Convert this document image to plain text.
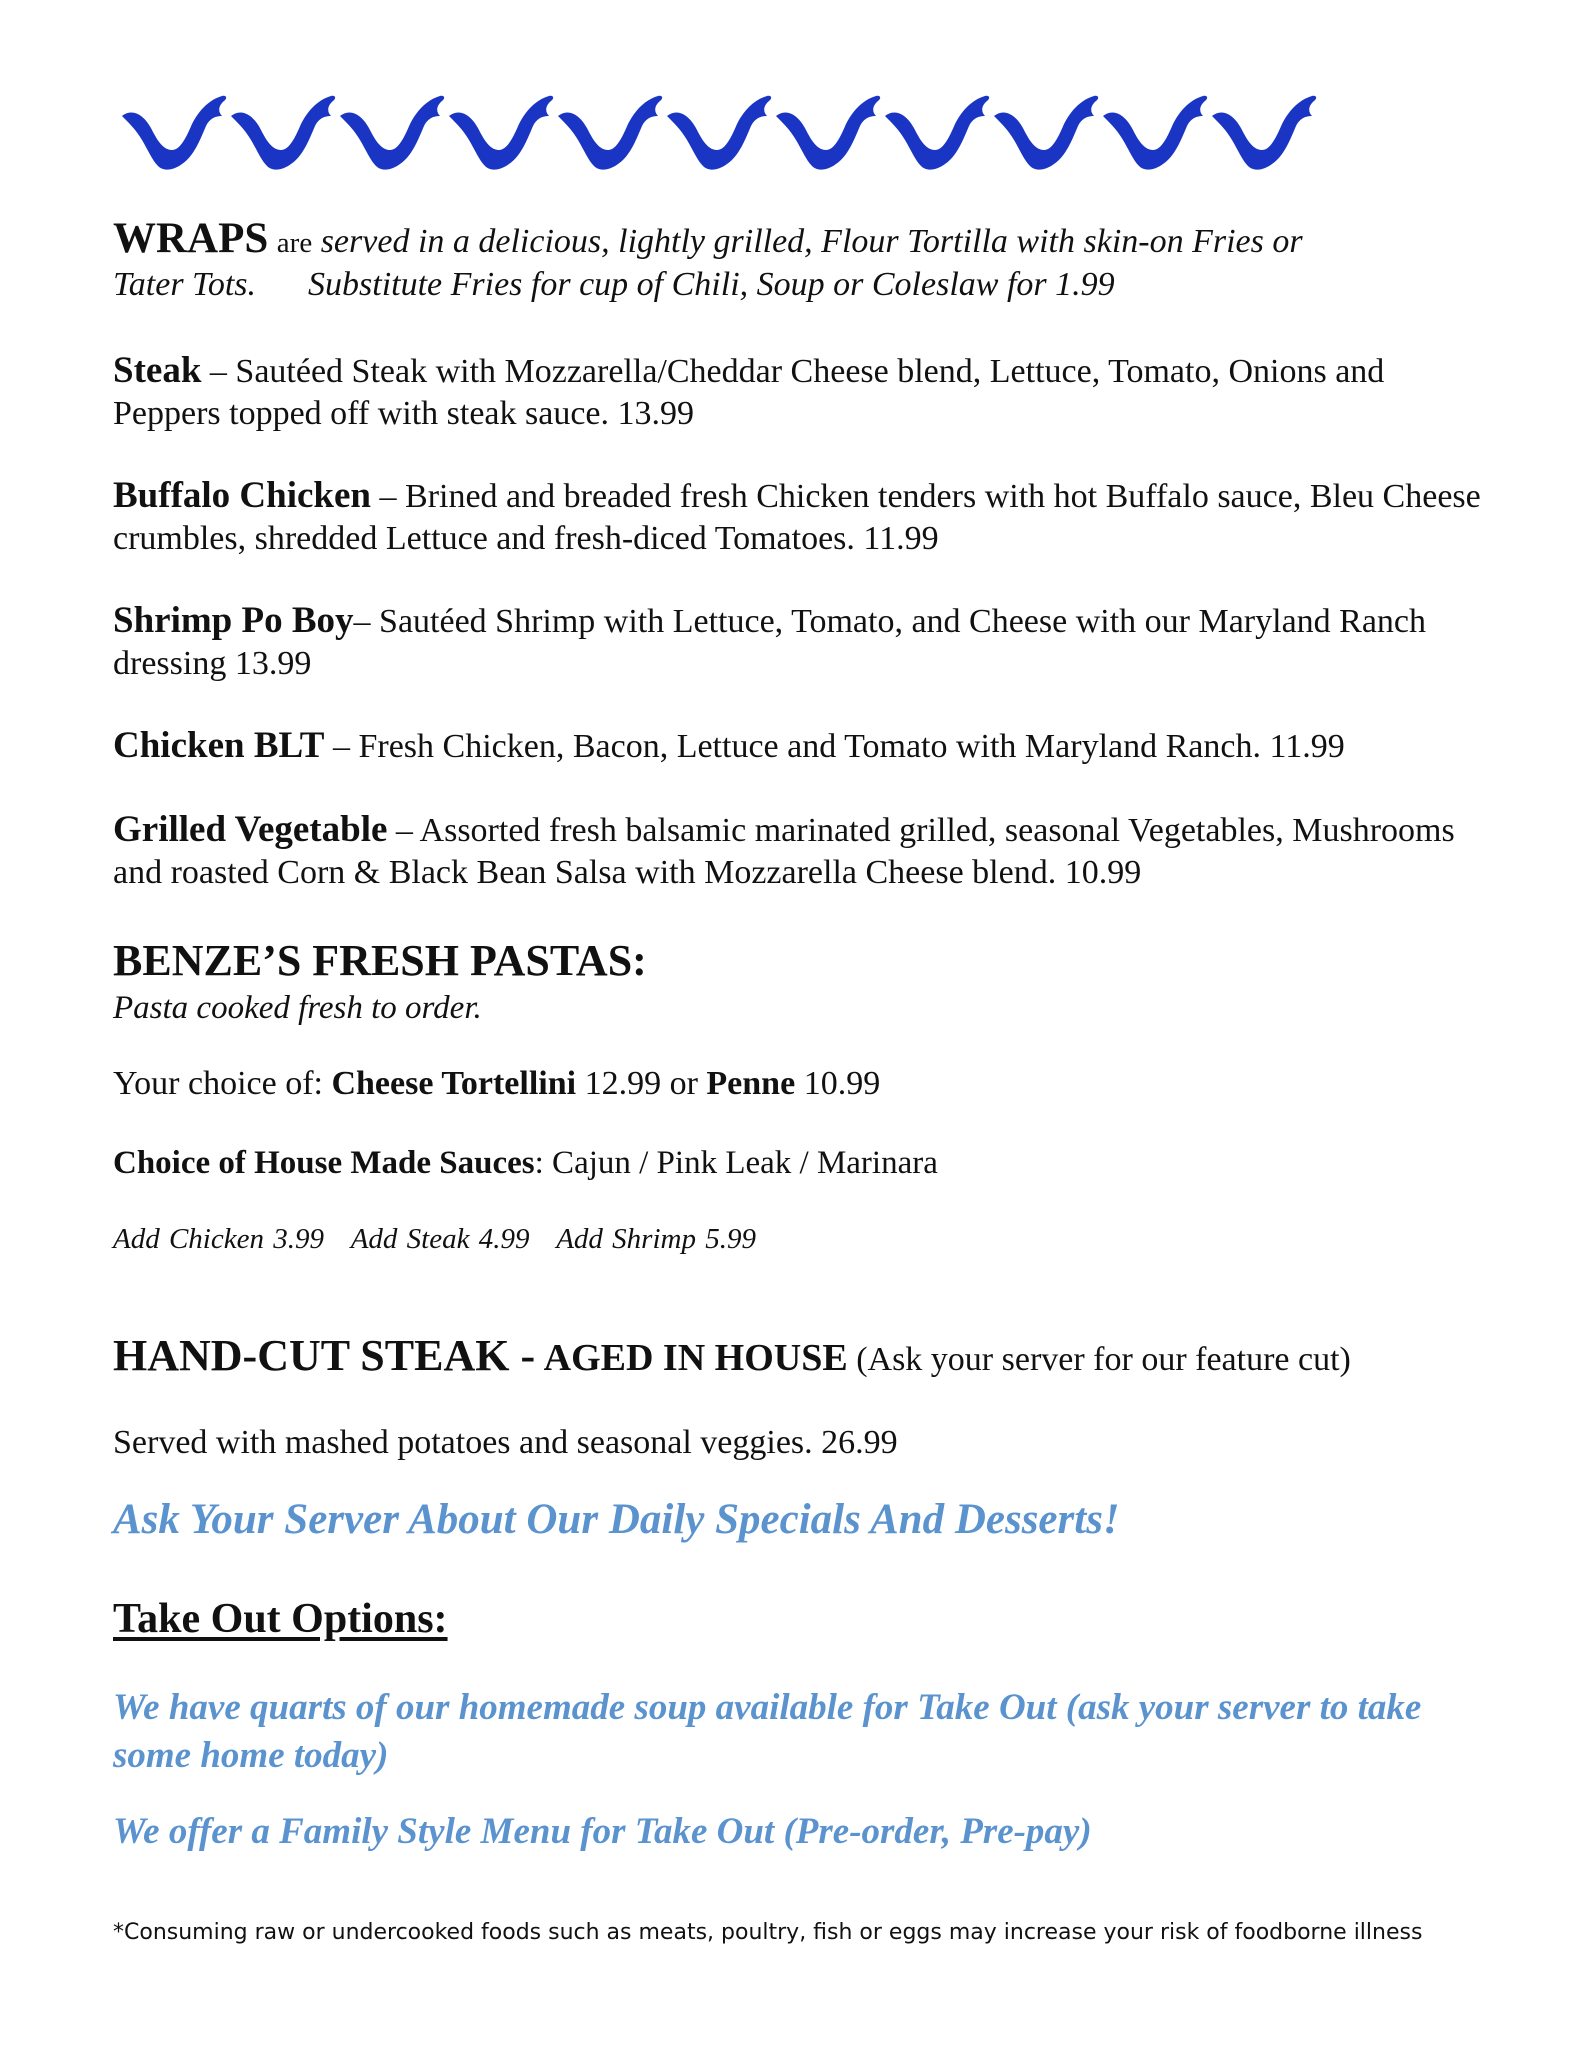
WRAPS are served in a delicious, lightly grilled, Flour Tortilla with skin-on Fries or
Tater Tots. Substitute Fries for cup of Chili, Soup or Coleslaw for 1.99

Steak – Sautéed Steak with Mozzarella/Cheddar Cheese blend, Lettuce, Tomato, Onions and Peppers topped off with steak sauce. 13.99

Buffalo Chicken – Brined and breaded fresh Chicken tenders with hot Buffalo sauce, Bleu Cheese crumbles, shredded Lettuce and fresh-diced Tomatoes. 11.99

Shrimp Po Boy– Sautéed Shrimp with Lettuce, Tomato, and Cheese with our Maryland Ranch dressing 13.99

Chicken BLT – Fresh Chicken, Bacon, Lettuce and Tomato with Maryland Ranch. 11.99

Grilled Vegetable – Assorted fresh balsamic marinated grilled, seasonal Vegetables, Mushrooms and roasted Corn & Black Bean Salsa with Mozzarella Cheese blend. 10.99

BENZE’S FRESH PASTAS:
Pasta cooked fresh to order.

Your choice of: Cheese Tortellini 12.99 or Penne 10.99

Choice of House Made Sauces: Cajun / Pink Leak / Marinara

Add Chicken 3.99 Add Steak 4.99 Add Shrimp 5.99

HAND-CUT STEAK - AGED IN HOUSE (Ask your server for our feature cut)

Served with mashed potatoes and seasonal veggies. 26.99

Ask Your Server About Our Daily Specials And Desserts!

Take Out Options:

We have quarts of our homemade soup available for Take Out (ask your server to take some home today)

We offer a Family Style Menu for Take Out (Pre-order, Pre-pay)

*Consuming raw or undercooked foods such as meats, poultry, fish or eggs may increase your risk of foodborne illness
